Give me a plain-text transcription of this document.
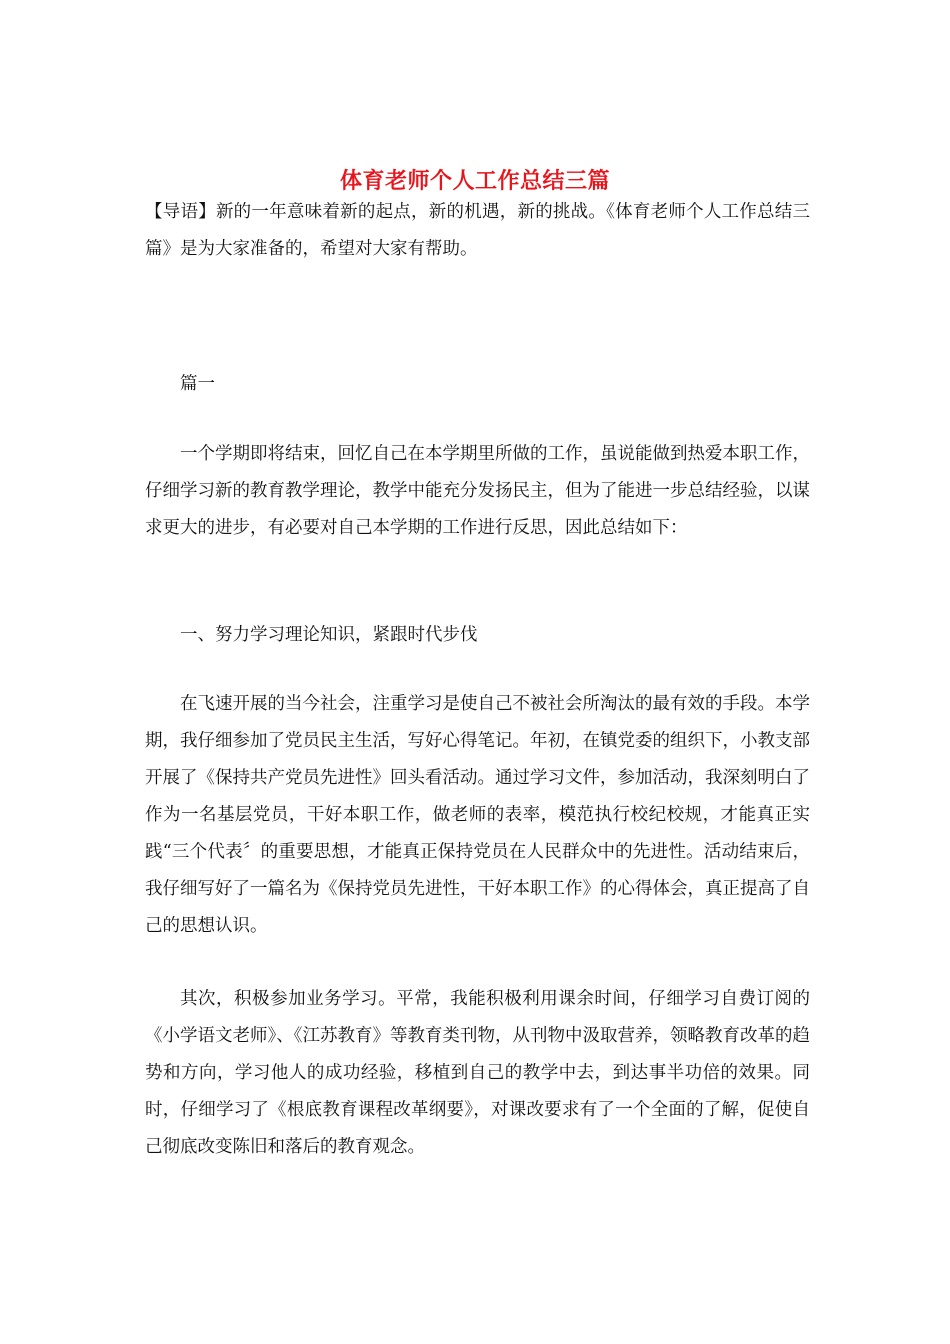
体育老师个人工作总结三篇

【导语】新的一年意味着新的起点，新的机遇，新的挑战。《体育老师个人工作总结三篇》是为大家准备的，希望对大家有帮助。

篇一

一个学期即将结束，回忆自己在本学期里所做的工作，虽说能做到热爱本职工作，仔细学习新的教育教学理论，教学中能充分发扬民主，但为了能进一步总结经验，以谋求更大的进步，有必要对自己本学期的工作进行反思，因此总结如下：

一、努力学习理论知识，紧跟时代步伐

在飞速开展的当今社会，注重学习是使自己不被社会所淘汰的最有效的手段。本学期，我仔细参加了党员民主生活，写好心得笔记。年初，在镇党委的组织下，小教支部开展了《保持共产党员先进性》回头看活动。通过学习文件，参加活动，我深刻明白了作为一名基层党员，干好本职工作，做老师的表率，模范执行校纪校规，才能真正实践“三个代表〞的重要思想，才能真正保持党员在人民群众中的先进性。活动结束后，我仔细写好了一篇名为《保持党员先进性，干好本职工作》的心得体会，真正提高了自己的思想认识。

其次，积极参加业务学习。平常，我能积极利用课余时间，仔细学习自费订阅的《小学语文老师》、《江苏教育》等教育类刊物，从刊物中汲取营养，领略教育改革的趋势和方向，学习他人的成功经验，移植到自己的教学中去，到达事半功倍的效果。同时，仔细学习了《根底教育课程改革纲要》，对课改要求有了一个全面的了解，促使自己彻底改变陈旧和落后的教育观念。
